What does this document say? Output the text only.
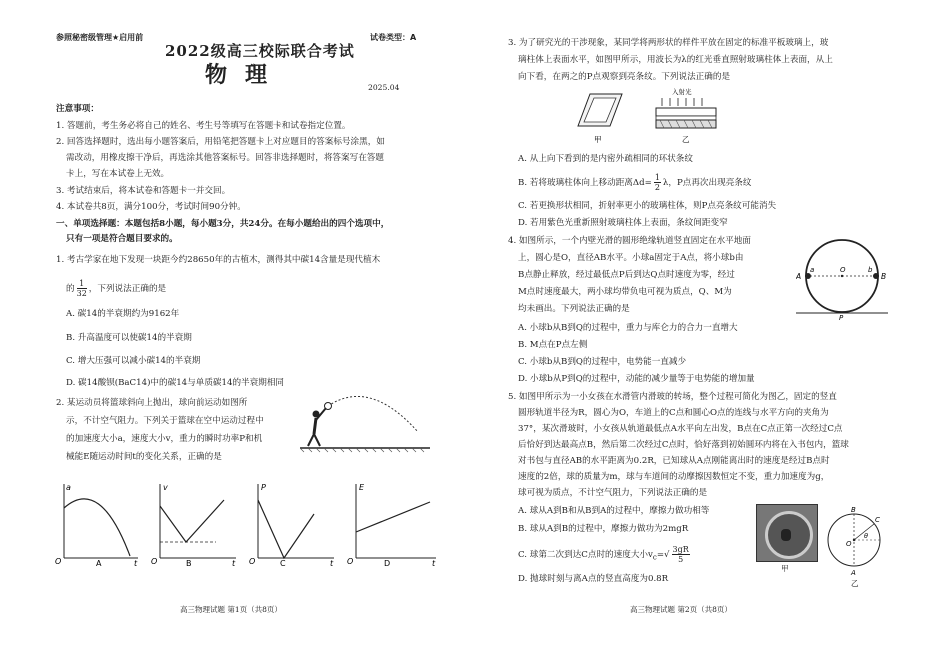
参照秘密级管理★启用前	试卷类型：A
2022级高三校际联合考试
物理	2025.04
注意事项：
1. 答题前，考生务必将自己的姓名、考生号等填写在答题卡和试卷指定位置。
2. 回答选择题时，选出每小题答案后，用铅笔把答题卡上对应题目的答案标号涂黑，如
需改动，用橡皮擦干净后，再选涂其他答案标号。回答非选择题时，将答案写在答题
卡上，写在本试卷上无效。
3. 考试结束后，将本试卷和答题卡一并交回。
4. 本试卷共8页，满分100分，考试时间90分钟。
一、单项选择题：本题包括8小题，每小题3分，共24分。在每小题给出的四个选项中，
只有一项是符合题目要求的。
1. 考古学家在地下发现一块距今约28650年的古植木，测得其中碳14含量是现代植木
的 $\frac{1}{32}$ ，下列说法正确的是
A. 碳14的半衰期约为9162年
B. 升高温度可以使碳14的半衰期
C. 增大压强可以减小碳14的半衰期
D. 碳14酸钡(BaC14)中的碳14与单质碳14的半衰期相同
2. 某运动员将篮球斜向上抛出，球向前运动如图所
示，不计空气阻力。下列关于篮球在空中运动过程中
的加速度大小a，速度大小v，重力的瞬时功率P和机
械能E随运动时间t的变化关系，正确的是
a
O	t
A
v
O	t
B
P
O	t
C
E
O	t
D
高三物理试题 第1页（共8页）
3. 为了研究光的干涉现象，某同学将两形状的样件平放在固定的标准平板玻璃上，玻
璃柱体上表面水平，如图甲所示，用波长为λ的红光垂直照射玻璃柱体上表面，从上
向下看，在两之的P点观察到亮条纹。下列说法正确的是
甲
入射光
乙
A. 从上向下看到的是内密外疏相同的环状条纹
B. 若将玻璃柱体向上移动距离$\Delta d= \frac{1}{2}$ λ，P点再次出现亮条纹
C. 若更换形状相同，折射率更小的玻璃柱体，则P点亮条纹可能消失
D. 若用紫色光重新照射玻璃柱体上表面，条纹间距变窄
4. 如图所示，一个内壁光滑的圆形绝缘轨道竖直固定在水平地面
上，圆心是O，直径AB水平。小球a固定于A点，将小球b由
B点静止释放，经过最低点P后到达Q点时速度为零，经过
M点时速度最大，两小球均带负电可视为质点，Q、M为
均未画出。下列说法正确的是
A	B
a	b
O
P
A. 小球b从B到Q的过程中，重力与库仑力的合力一直增大
B. M点在P点左侧
C. 小球b从B到Q的过程中，电势能一直减少
D. 小球b从P到Q的过程中，动能的减少量等于电势能的增加量
5. 如图甲所示为一小女孩在水滑管内滑玻的转场，整个过程可简化为图乙，固定的竖直
圆形轨道半径为R，圆心为O，车道上的C点和圆心O点的连线与水平方向的夹角为
37°，某次滑玻时，小女孩从轨道最低点A水平向左出发，B点在C点正第一次经过C点
后恰好到达最高点B，然后第二次经过C点时，恰好落到初始圆环内将在入书包内，篮球
对书包与直径AB的水平距离为0.2R，已知球从A点刚能离出时的速度是经过B点时
速度的2倍，球的质量为m，球与车道间的动摩擦因数恒定不变，重力加速度为g，
球可视为质点，不计空气阻力，下列说法正确的是
A. 球从A到B和从B到A的过程中，摩擦力做功相等
B. 球从A到B的过程中，摩擦力做功为2mgR
C. 球第二次到达C点时的速度大小$v_c=√ \frac{3gR}{5}$
D. 抛球时刻与离A点的竖直高度为0.8R
甲
B
A
C
O
θ
乙
高三物理试题 第2页（共8页）
